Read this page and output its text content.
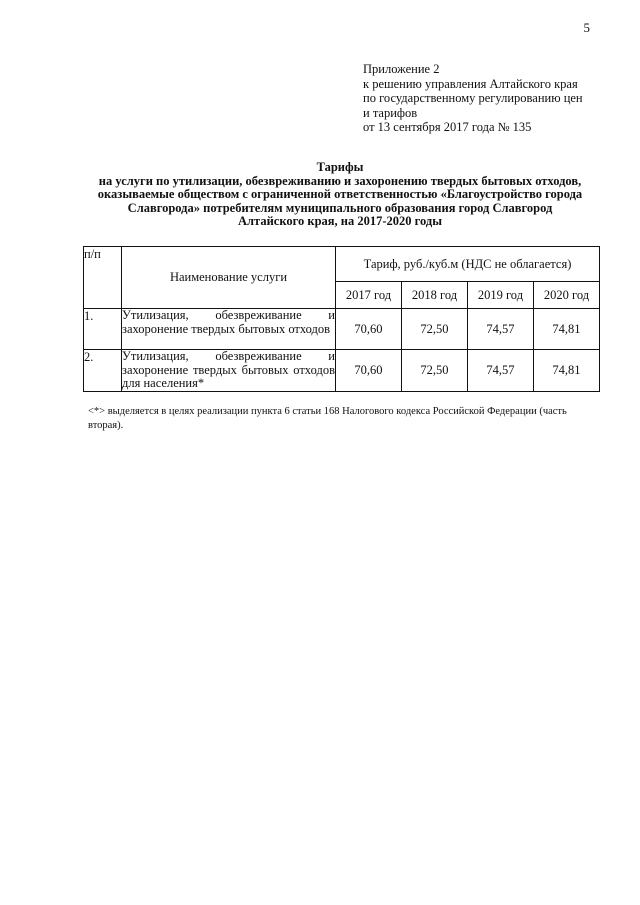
5
Приложение 2
к решению управления Алтайского края
по государственному регулированию цен
и тарифов
от 13 сентября 2017 года № 135
Тарифы
на услуги по утилизации, обезвреживанию и захоронению твердых бытовых отходов,
оказываемые обществом с ограниченной ответственностью «Благоустройство города
Славгорода» потребителям муниципального образования город Славгород
Алтайского края, на 2017-2020 годы
п/п	Наименование услуги	Тариф, руб./куб.м (НДС не облагается)			
		2017 год	2018 год	2019 год	2020 год
1.	Утилизация, обезвреживание и захоронение твердых бытовых отходов	70,60	72,50	74,57	74,81
2.	Утилизация, обезвреживание и захоронение твердых бытовых отходов для населения*	70,60	72,50	74,57	74,81
<*> выделяется в целях реализации пункта 6 статьи 168 Налогового кодекса Российской Федерации (часть вторая).
